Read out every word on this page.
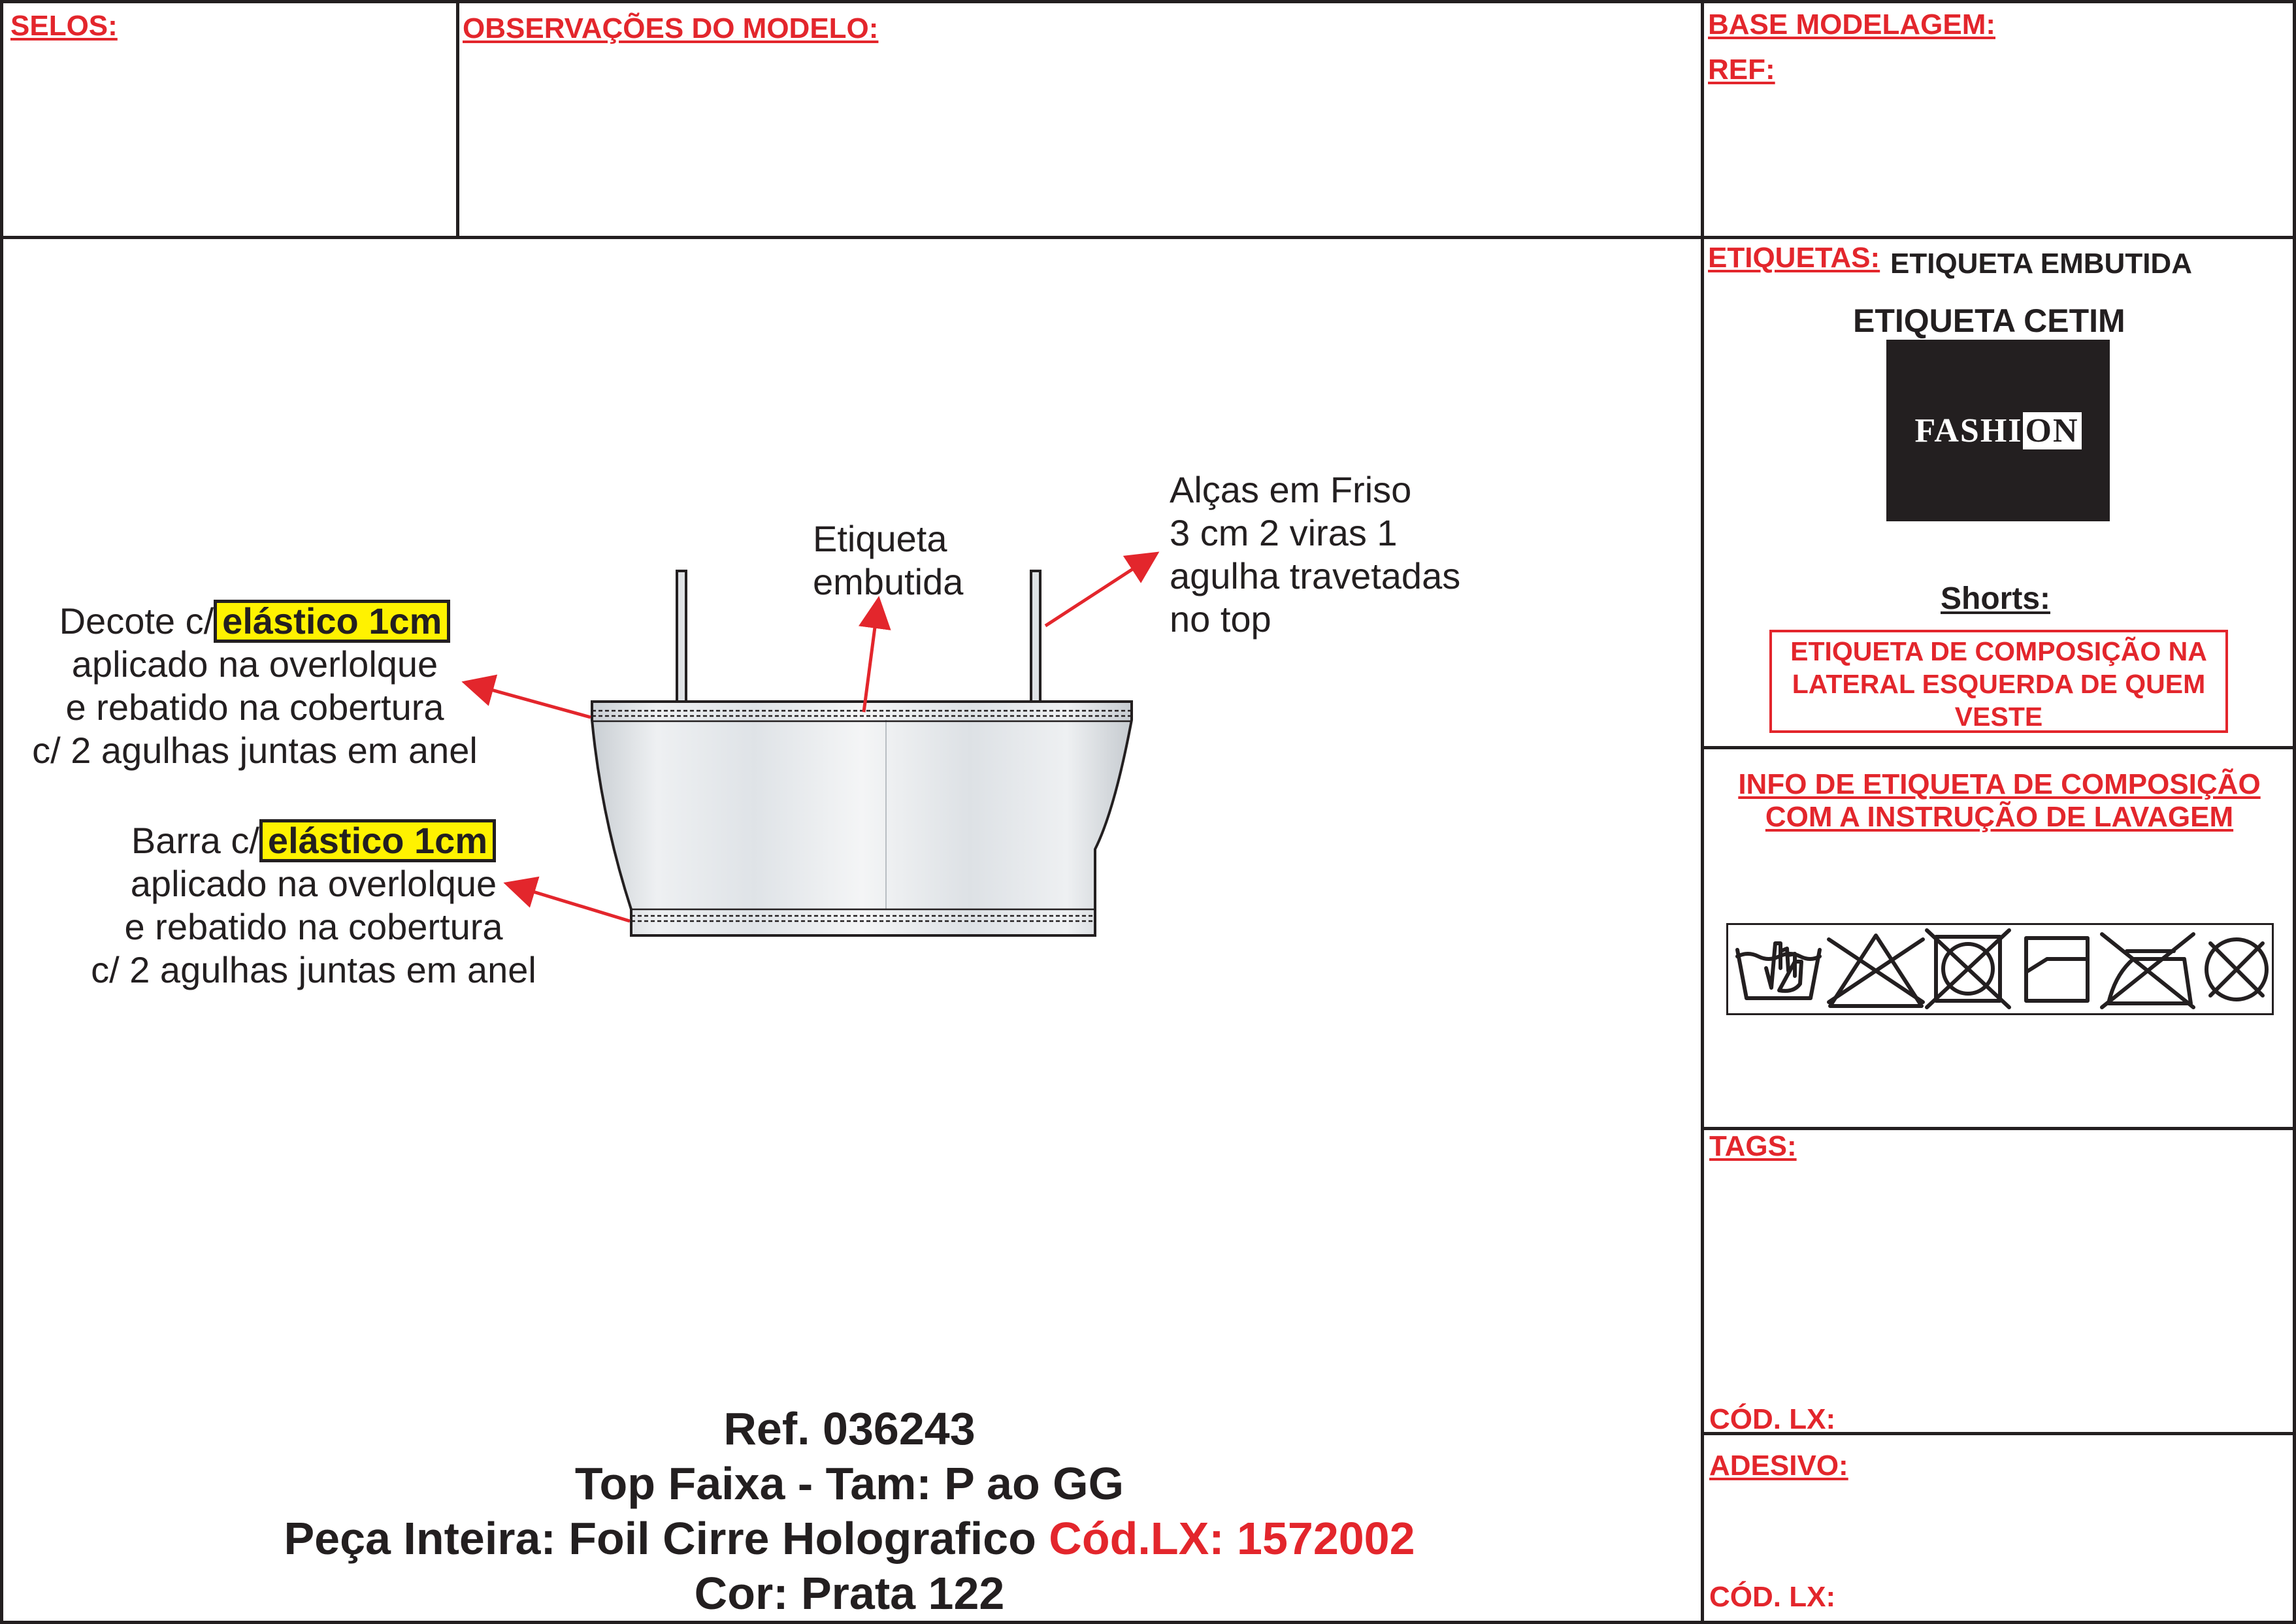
SELOS:	OBSERVAÇÕES DO MODELO:	BASE MODELAGEM:
REF:
ETIQUETAS: ETIQUETA EMBUTIDA
ETIQUETA CETIM
FASHION
Shorts:
ETIQUETA DE COMPOSIÇÃO NA
LATERAL ESQUERDA DE QUEM
VESTE
INFO DE ETIQUETA DE COMPOSIÇÃO
COM A INSTRUÇÃO DE LAVAGEM
TAGS:
CÓD. LX:
ADESIVO:
CÓD. LX:
Decote c/ elástico 1cm
aplicado na overlolque
e rebatido na cobertura
c/ 2 agulhas juntas em anel
Barra c/ elástico 1cm
aplicado na overlolque
e rebatido na cobertura
c/ 2 agulhas juntas em anel
Etiqueta
embutida
Alças em Friso
3 cm 2 viras 1
agulha travetadas
no top
Ref. 036243
Top Faixa - Tam: P ao GG
Peça Inteira: Foil Cirre Holografico Cód.LX: 1572002
Cor: Prata 122
